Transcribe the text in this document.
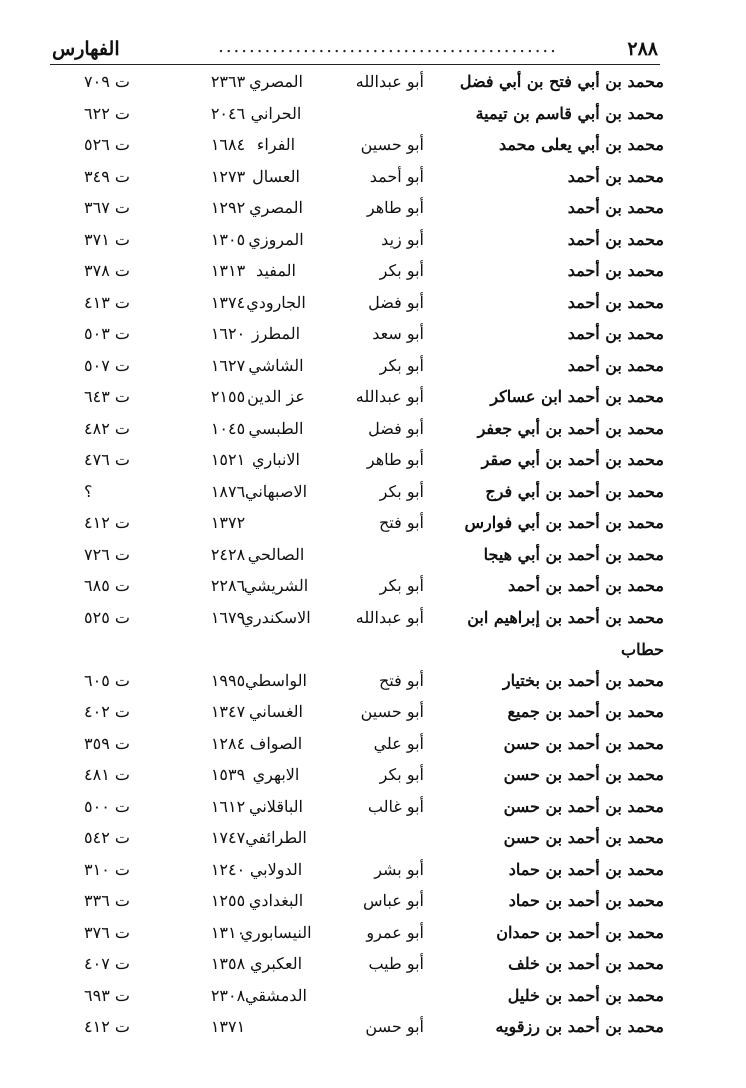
٢٨٨
............................................
الفهارس
محمد بن أبي فتح بن أبي فضل
أبو عبدالله
المصري
٢٣٦٣
ت ٧٠٩
محمد بن أبي قاسم بن تيمية
الحراني
٢٠٤٦
ت ٦٢٢
محمد بن أبي يعلى محمد
أبو حسين
الفراء
١٦٨٤
ت ٥٢٦
محمد بن أحمد
أبو أحمد
العسال
١٢٧٣
ت ٣٤٩
محمد بن أحمد
أبو طاهر
المصري
١٢٩٢
ت ٣٦٧
محمد بن أحمد
أبو زيد
المروزي
١٣٠٥
ت ٣٧١
محمد بن أحمد
أبو بكر
المفيد
١٣١٣
ت ٣٧٨
محمد بن أحمد
أبو فضل
الجارودي
١٣٧٤
ت ٤١٣
محمد بن أحمد
أبو سعد
المطرز
١٦٢٠
ت ٥٠٣
محمد بن أحمد
أبو بكر
الشاشي
١٦٢٧
ت ٥٠٧
محمد بن أحمد ابن عساكر
أبو عبدالله
عز الدين
٢١٥٥
ت ٦٤٣
محمد بن أحمد بن أبي جعفر
أبو فضل
الطبسي
١٠٤٥
ت ٤٨٢
محمد بن أحمد بن أبي صقر
أبو طاهر
الانباري
١٥٢١
ت ٤٧٦
محمد بن أحمد بن أبي فرج
أبو بكر
الاصبهاني
١٨٧٦
؟
محمد بن أحمد بن أبي فوارس
أبو فتح
١٣٧٢
ت ٤١٢
محمد بن أحمد بن أبي هيجا
الصالحي
٢٤٢٨
ت ٧٢٦
محمد بن أحمد بن أحمد
أبو بكر
الشريشي
٢٢٨٦
ت ٦٨٥
محمد بن أحمد بن إبراهيم ابن
أبو عبدالله
الاسكندري
١٦٧٩
ت ٥٢٥
حطاب
محمد بن أحمد بن بختيار
أبو فتح
الواسطي
١٩٩٥
ت ٦٠٥
محمد بن أحمد بن جميع
أبو حسين
الغساني
١٣٤٧
ت ٤٠٢
محمد بن أحمد بن حسن
أبو علي
الصواف
١٢٨٤
ت ٣٥٩
محمد بن أحمد بن حسن
أبو بكر
الابهري
١٥٣٩
ت ٤٨١
محمد بن أحمد بن حسن
أبو غالب
الباقلاني
١٦١٢
ت ٥٠٠
محمد بن أحمد بن حسن
الطرائفي
١٧٤٧
ت ٥٤٢
محمد بن أحمد بن حماد
أبو بشر
الدولابي
١٢٤٠
ت ٣١٠
محمد بن أحمد بن حماد
أبو عباس
البغدادي
١٢٥٥
ت ٣٣٦
محمد بن أحمد بن حمدان
أبو عمرو
النيسابوري
١٣١٠
ت ٣٧٦
محمد بن أحمد بن خلف
أبو طيب
العكبري
١٣٥٨
ت ٤٠٧
محمد بن أحمد بن خليل
الدمشقي
٢٣٠٨
ت ٦٩٣
محمد بن أحمد بن رزقويه
أبو حسن
١٣٧١
ت ٤١٢
